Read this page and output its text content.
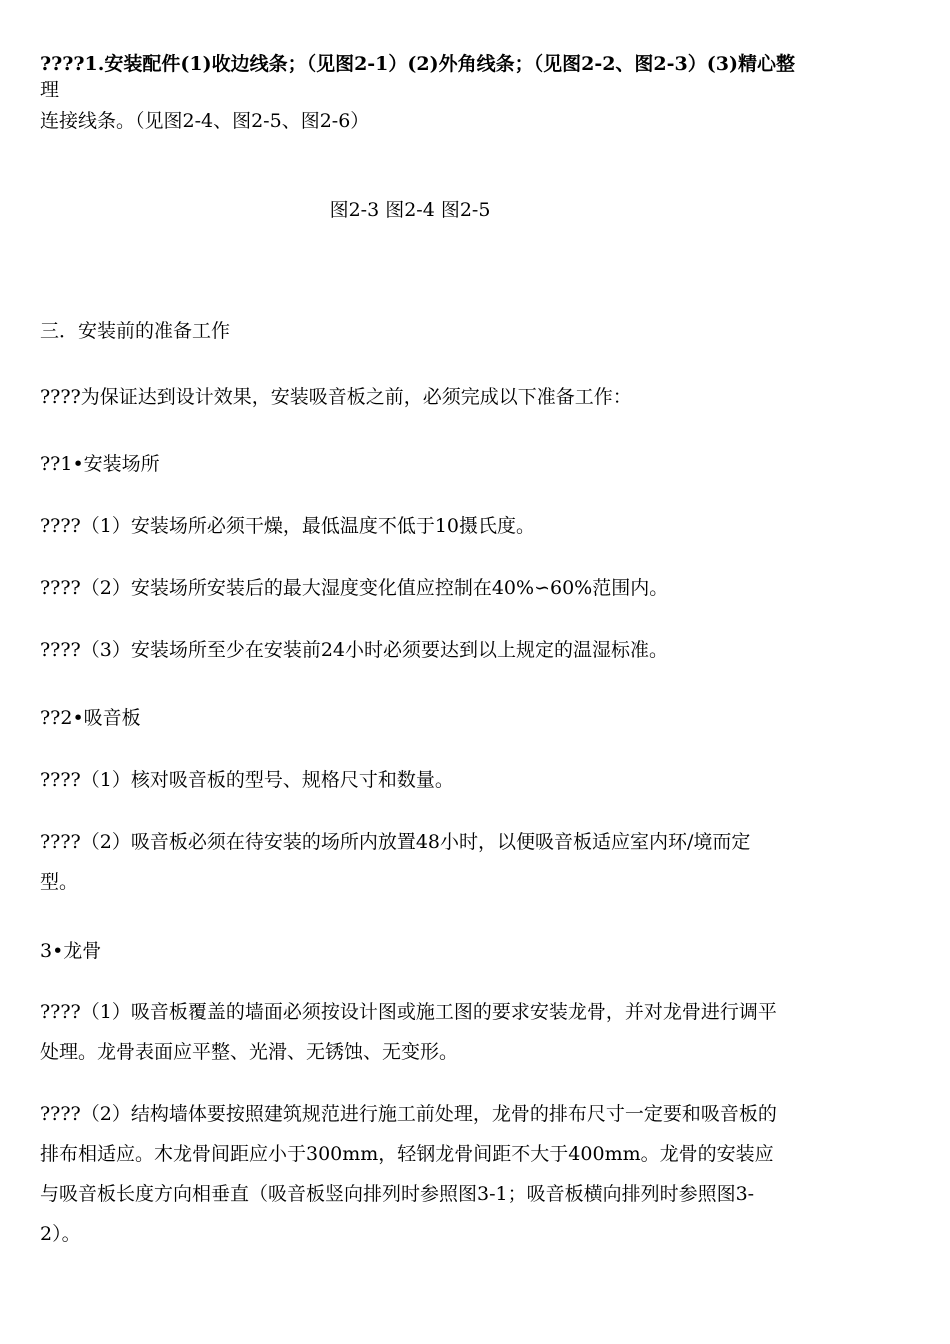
????1.安装配件(1)收边线条；（见图2-1）(2)外角线条；（见图2-2、图2-3）(3)精心整
理
连接线条。（见图2-4、图2-5、图2-6）
图2-3 图2-4 图2-5
三．安装前的准备工作
????为保证达到设计效果，安装吸音板之前，必须完成以下准备工作：
??1•安装场所
????（1）安装场所必须干燥，最低温度不低于10摄氏度。
????（2）安装场所安装后的最大湿度变化值应控制在40%∽60%范围内。
????（3）安装场所至少在安装前24小时必须要达到以上规定的温湿标准。
??2•吸音板
????（1）核对吸音板的型号、规格尺寸和数量。
????（2）吸音板必须在待安装的场所内放置48小时，以便吸音板适应室内环/境而定型。
3•龙骨
????（1）吸音板覆盖的墙面必须按设计图或施工图的要求安装龙骨，并对龙骨进行调平处理。龙骨表面应平整、光滑、无锈蚀、无变形。
????（2）结构墙体要按照建筑规范进行施工前处理，龙骨的排布尺寸一定要和吸音板的排布相适应。木龙骨间距应小于300mm，轻钢龙骨间距不大于400mm。龙骨的安装应与吸音板长度方向相垂直（吸音板竖向排列时参照图3-1；吸音板横向排列时参照图3-2）。
